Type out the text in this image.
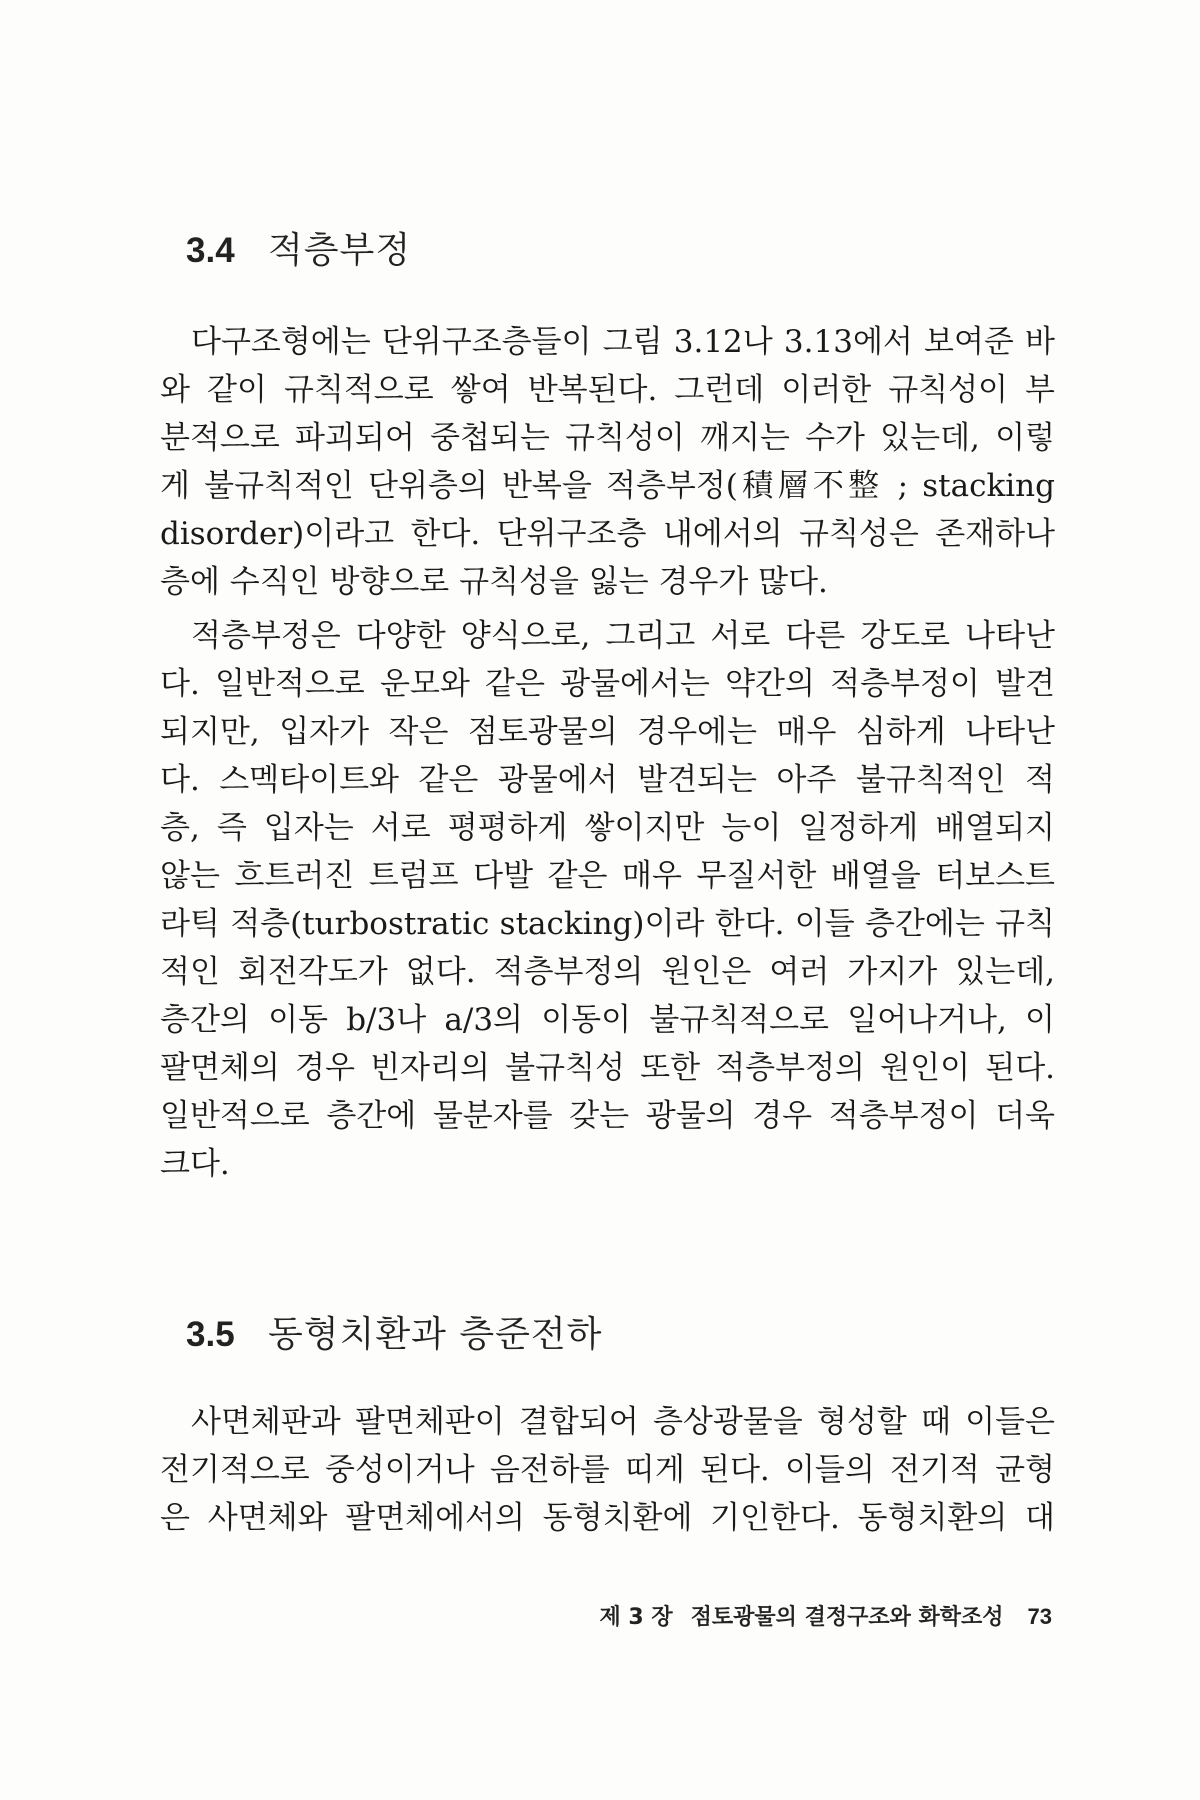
3.4 적층부정
다구조형에는 단위구조층들이 그림 3.12나 3.13에서 보여준 바
와 같이 규칙적으로 쌓여 반복된다. 그런데 이러한 규칙성이 부
분적으로 파괴되어 중첩되는 규칙성이 깨지는 수가 있는데, 이렇
게 불규칙적인 단위층의 반복을 적층부정(積層不整 ; stacking
disorder)이라고 한다. 단위구조층 내에서의 규칙성은 존재하나
층에 수직인 방향으로 규칙성을 잃는 경우가 많다.
적층부정은 다양한 양식으로, 그리고 서로 다른 강도로 나타난
다. 일반적으로 운모와 같은 광물에서는 약간의 적층부정이 발견
되지만, 입자가 작은 점토광물의 경우에는 매우 심하게 나타난
다. 스멕타이트와 같은 광물에서 발견되는 아주 불규칙적인 적
층, 즉 입자는 서로 평평하게 쌓이지만 능이 일정하게 배열되지
않는 흐트러진 트럼프 다발 같은 매우 무질서한 배열을 터보스트
라틱 적층(turbostratic stacking)이라 한다. 이들 층간에는 규칙
적인 회전각도가 없다. 적층부정의 원인은 여러 가지가 있는데,
층간의 이동 b/3나 a/3의 이동이 불규칙적으로 일어나거나, 이
팔면체의 경우 빈자리의 불규칙성 또한 적층부정의 원인이 된다.
일반적으로 층간에 물분자를 갖는 광물의 경우 적층부정이 더욱
크다.
3.5 동형치환과 층준전하
사면체판과 팔면체판이 결합되어 층상광물을 형성할 때 이들은
전기적으로 중성이거나 음전하를 띠게 된다. 이들의 전기적 균형
은 사면체와 팔면체에서의 동형치환에 기인한다. 동형치환의 대
제 3 장 점토광물의 결정구조와 화학조성 73
